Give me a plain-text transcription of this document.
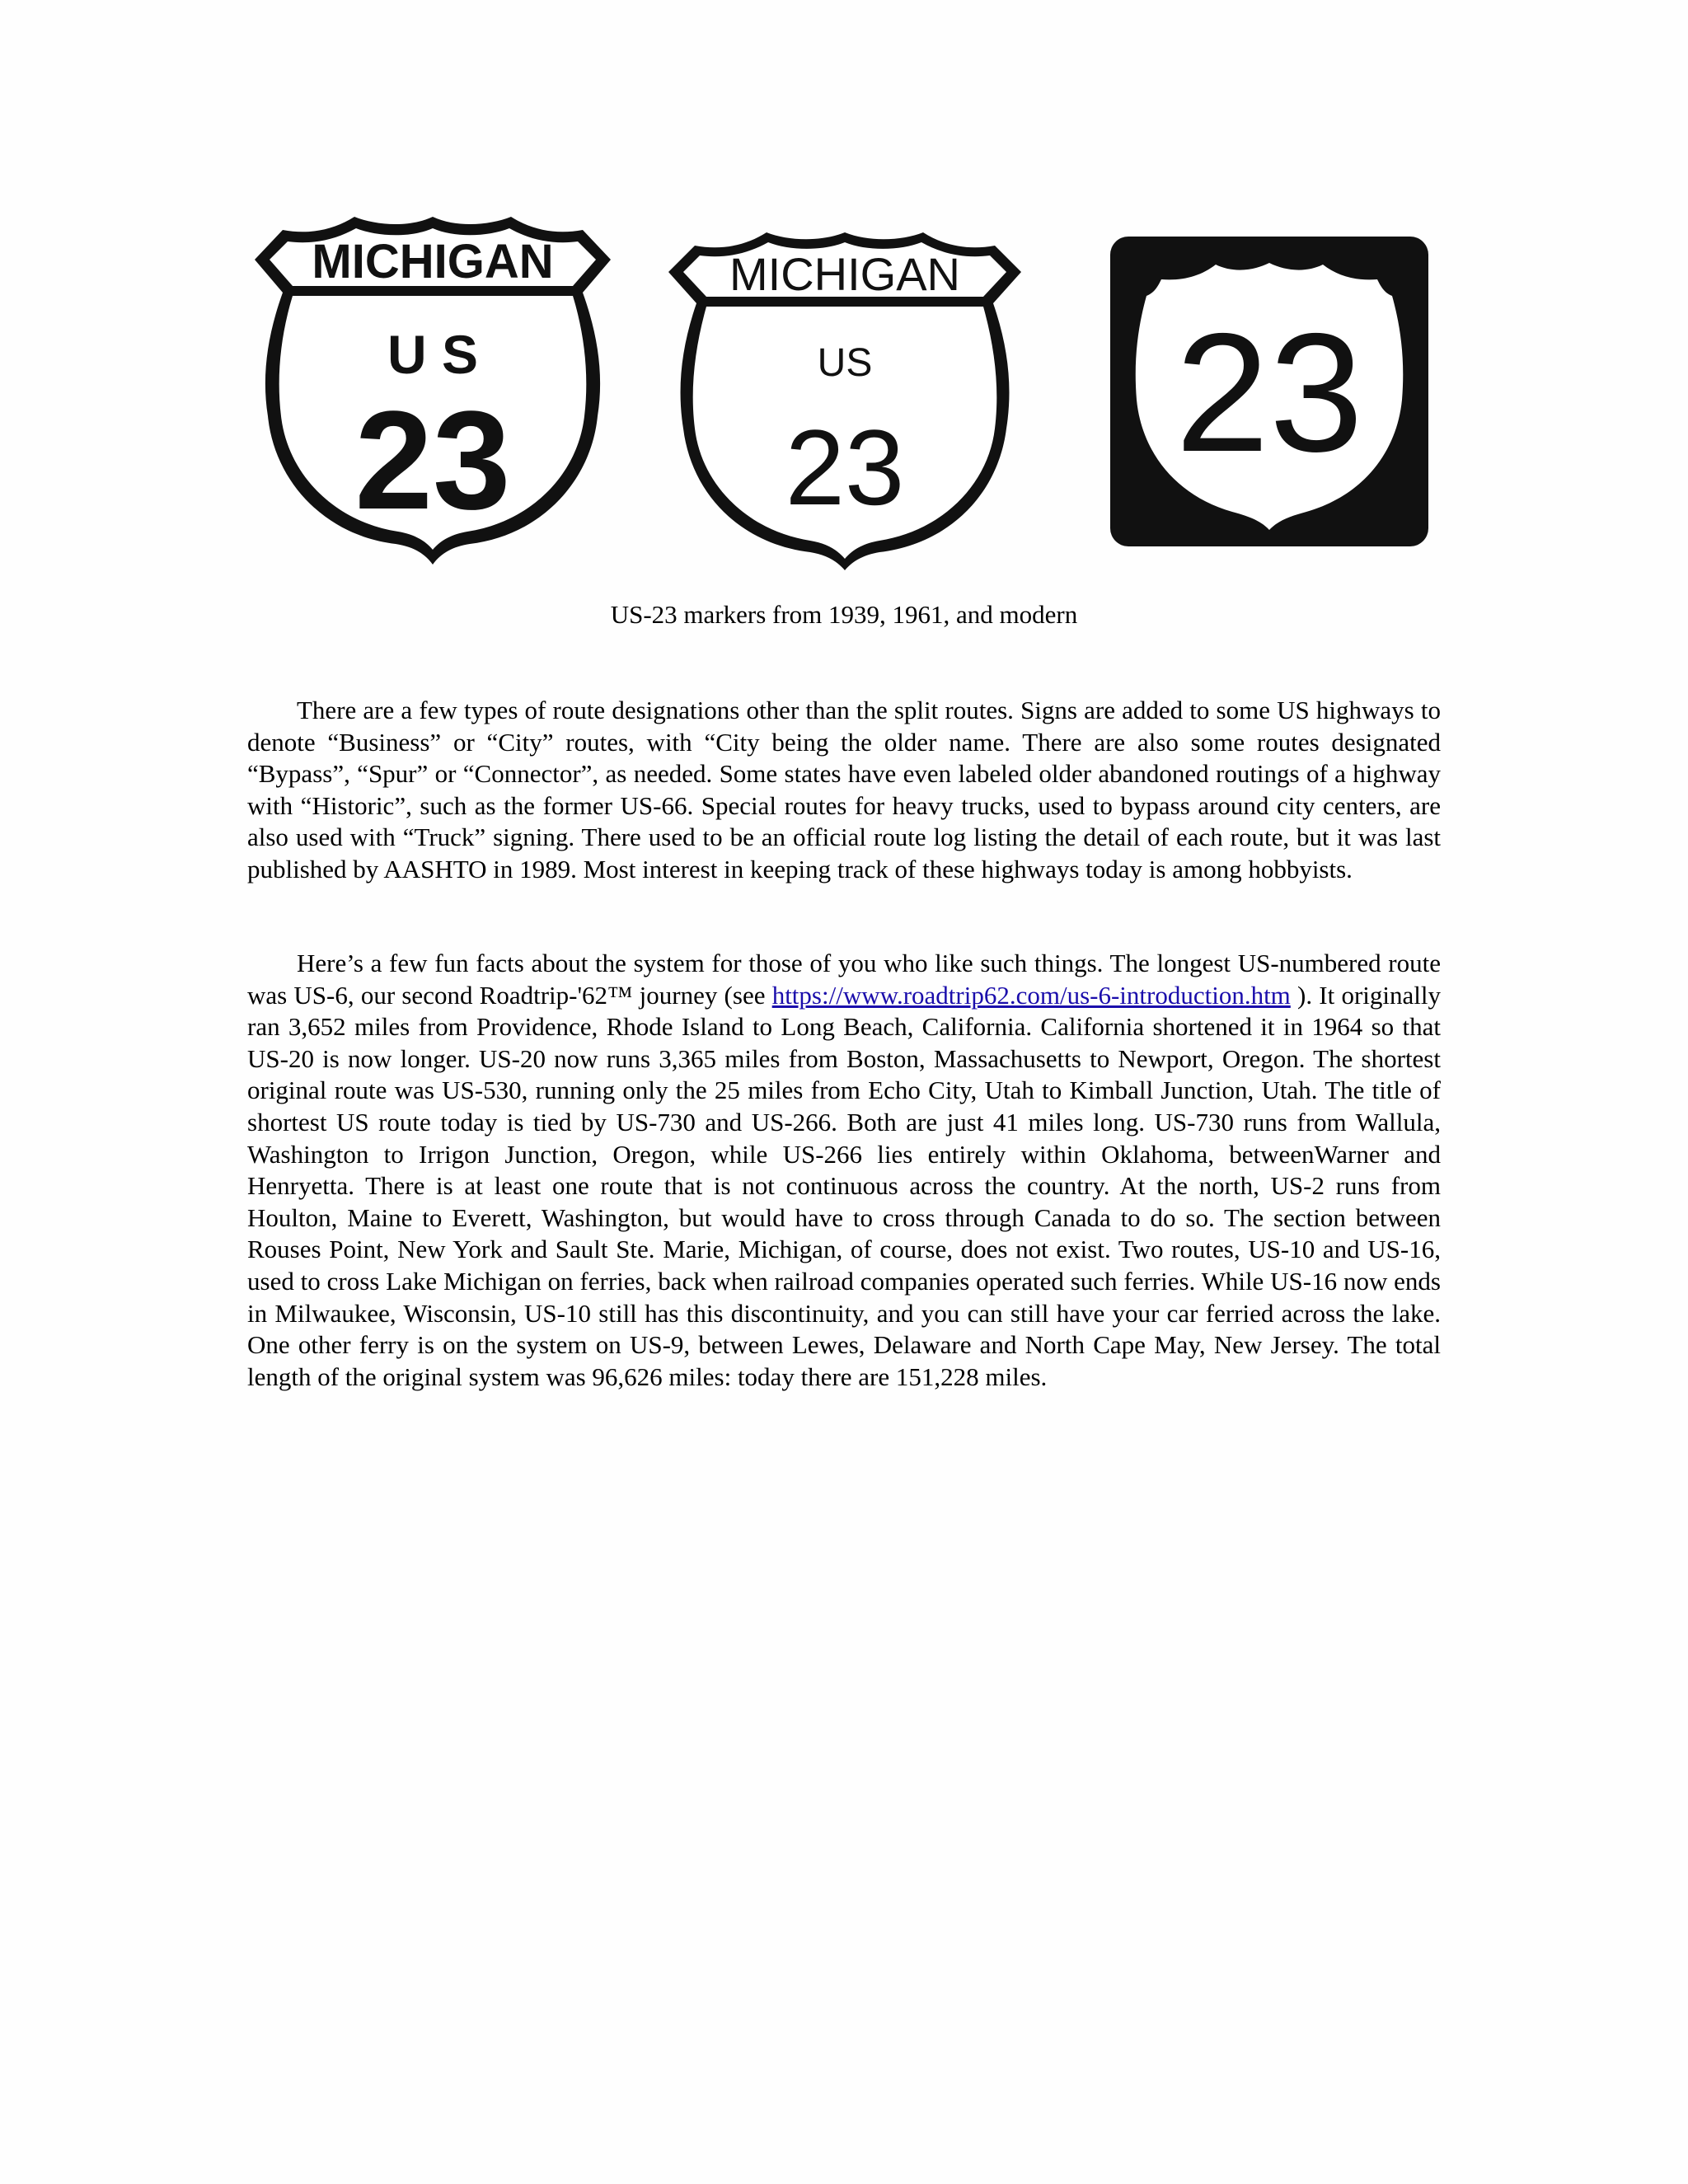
MICHIGAN
U S
23
MICHIGAN
US
23 23
US-23 markers from 1939, 1961, and modern

There are a few types of route designations other than the split routes. Signs are added to some US highways to denote “Business” or “City” routes, with “City being the older name. There are also some routes designated “Bypass”, “Spur” or “Connector”, as needed. Some states have even labeled older abandoned routings of a highway with “Historic”, such as the former US-66. Special routes for heavy trucks, used to bypass around city centers, are also used with “Truck” signing. There used to be an official route log listing the detail of each route, but it was last published by AASHTO in 1989. Most interest in keeping track of these highways today is among hobbyists.

Here’s a few fun facts about the system for those of you who like such things. The longest US-numbered route was US-6, our second Roadtrip-'62™ journey (see https://www.roadtrip62.com/us-6-introduction.htm ). It originally ran 3,652 miles from Providence, Rhode Island to Long Beach, California. California shortened it in 1964 so that US-20 is now longer. US-20 now runs 3,365 miles from Boston, Massachusetts to Newport, Oregon. The shortest original route was US-530, running only the 25 miles from Echo City, Utah to Kimball Junction, Utah. The title of shortest US route today is tied by US-730 and US-266. Both are just 41 miles long. US-730 runs from Wallula, Washington to Irrigon Junction, Oregon, while US-266 lies entirely within Oklahoma, betweenWarner and Henryetta. There is at least one route that is not continuous across the country. At the north, US-2 runs from Houlton, Maine to Everett, Washington, but would have to cross through Canada to do so. The section between Rouses Point, New York and Sault Ste. Marie, Michigan, of course, does not exist. Two routes, US-10 and US-16, used to cross Lake Michigan on ferries, back when railroad companies operated such ferries. While US-16 now ends in Milwaukee, Wisconsin, US-10 still has this discontinuity, and you can still have your car ferried across the lake. One other ferry is on the system on US-9, between Lewes, Delaware and North Cape May, New Jersey. The total length of the original system was 96,626 miles: today there are 151,228 miles.
